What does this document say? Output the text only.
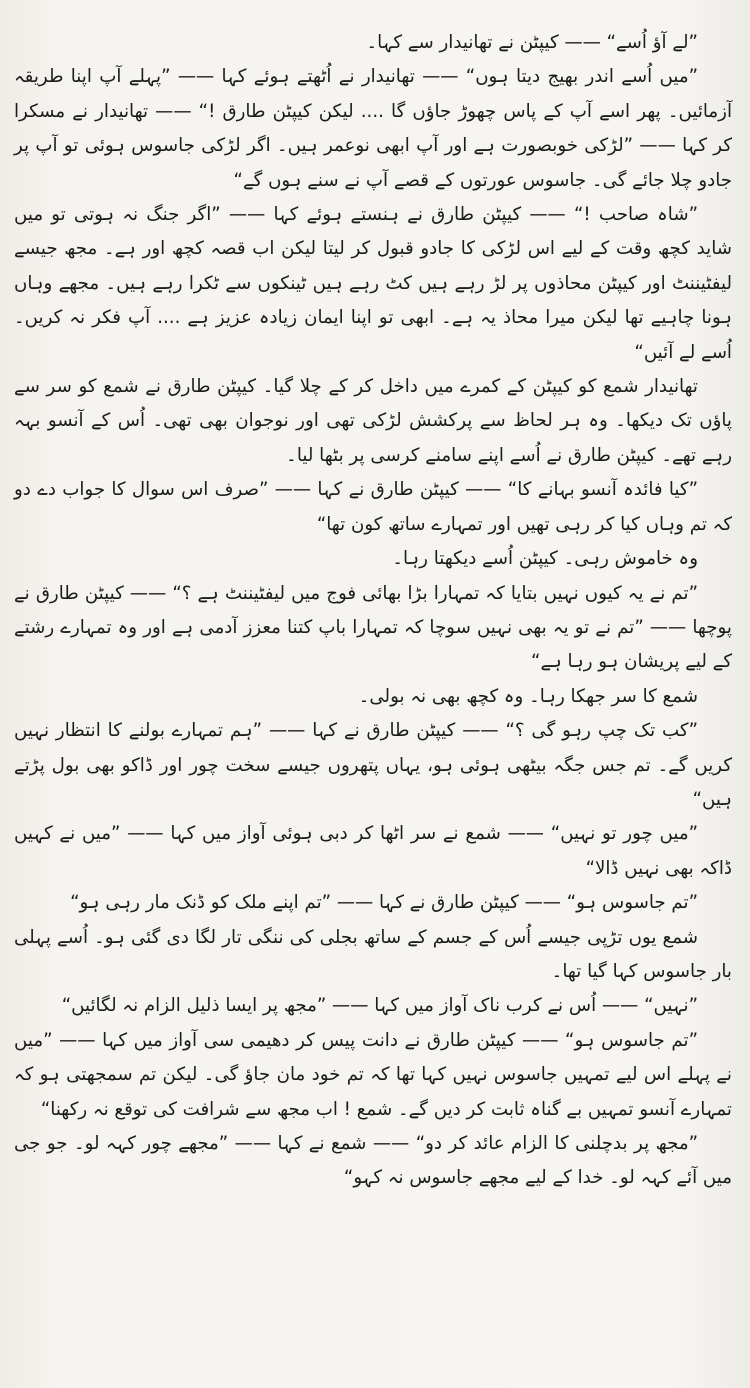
”لے آؤ اُسے“ —— کیپٹن نے تھانیدار سے کہا۔

”میں اُسے اندر بھیج دیتا ہوں“ —— تھانیدار نے اُٹھتے ہوئے کہا —— ”پہلے آپ اپنا طریقہ آزمائیں۔ پھر اسے آپ کے پاس چھوڑ جاؤں گا .... لیکن کیپٹن طارق !“ —— تھانیدار نے مسکرا کر کہا —— ”لڑکی خوبصورت ہے اور آپ ابھی نوعمر ہیں۔ اگر لڑکی جاسوس ہوئی تو آپ پر جادو چلا جائے گی۔ جاسوس عورتوں کے قصے آپ نے سنے ہوں گے“

”شاہ صاحب !“ —— کیپٹن طارق نے ہنستے ہوئے کہا —— ”اگر جنگ نہ ہوتی تو میں شاید کچھ وقت کے لیے اس لڑکی کا جادو قبول کر لیتا لیکن اب قصہ کچھ اور ہے۔ مجھ جیسے لیفٹیننٹ اور کیپٹن محاذوں پر لڑ رہے ہیں کٹ رہے ہیں ٹینکوں سے ٹکرا رہے ہیں۔ مجھے وہاں ہونا چاہیے تھا لیکن میرا محاذ یہ ہے۔ ابھی تو اپنا ایمان زیادہ عزیز ہے .... آپ فکر نہ کریں۔ اُسے لے آئیں“

تھانیدار شمع کو کیپٹن کے کمرے میں داخل کر کے چلا گیا۔ کیپٹن طارق نے شمع کو سر سے پاؤں تک دیکھا۔ وہ ہر لحاظ سے پرکشش لڑکی تھی اور نوجوان بھی تھی۔ اُس کے آنسو بہہ رہے تھے۔ کیپٹن طارق نے اُسے اپنے سامنے کرسی پر بٹھا لیا۔

”کیا فائدہ آنسو بہانے کا“ —— کیپٹن طارق نے کہا —— ”صرف اس سوال کا جواب دے دو کہ تم وہاں کیا کر رہی تھیں اور تمہارے ساتھ کون تھا“

وہ خاموش رہی۔ کیپٹن اُسے دیکھتا رہا۔

”تم نے یہ کیوں نہیں بتایا کہ تمہارا بڑا بھائی فوج میں لیفٹیننٹ ہے ؟“ —— کیپٹن طارق نے پوچھا —— ”تم نے تو یہ بھی نہیں سوچا کہ تمہارا باپ کتنا معزز آدمی ہے اور وہ تمہارے رشتے کے لیے پریشان ہو رہا ہے“

شمع کا سر جھکا رہا۔ وہ کچھ بھی نہ بولی۔

”کب تک چپ رہو گی ؟“ —— کیپٹن طارق نے کہا —— ”ہم تمہارے بولنے کا انتظار نہیں کریں گے۔ تم جس جگہ بیٹھی ہوئی ہو، یہاں پتھروں جیسے سخت چور اور ڈاکو بھی بول پڑتے ہیں“

”میں چور تو نہیں“ —— شمع نے سر اٹھا کر دبی ہوئی آواز میں کہا —— ”میں نے کہیں ڈاکہ بھی نہیں ڈالا“

”تم جاسوس ہو“ —— کیپٹن طارق نے کہا —— ”تم اپنے ملک کو ڈنک مار رہی ہو“

شمع یوں تڑپی جیسے اُس کے جسم کے ساتھ بجلی کی ننگی تار لگا دی گئی ہو۔ اُسے پہلی بار جاسوس کہا گیا تھا۔

”نہیں“ —— اُس نے کرب ناک آواز میں کہا —— ”مجھ پر ایسا ذلیل الزام نہ لگائیں“

”تم جاسوس ہو“ —— کیپٹن طارق نے دانت پیس کر دھیمی سی آواز میں کہا —— ”میں نے پہلے اس لیے تمہیں جاسوس نہیں کہا تھا کہ تم خود مان جاؤ گی۔ لیکن تم سمجھتی ہو کہ تمہارے آنسو تمہیں بے گناہ ثابت کر دیں گے۔ شمع ! اب مجھ سے شرافت کی توقع نہ رکھنا“

”مجھ پر بدچلنی کا الزام عائد کر دو“ —— شمع نے کہا —— ”مجھے چور کہہ لو۔ جو جی میں آئے کہہ لو۔ خدا کے لیے مجھے جاسوس نہ کہو“
